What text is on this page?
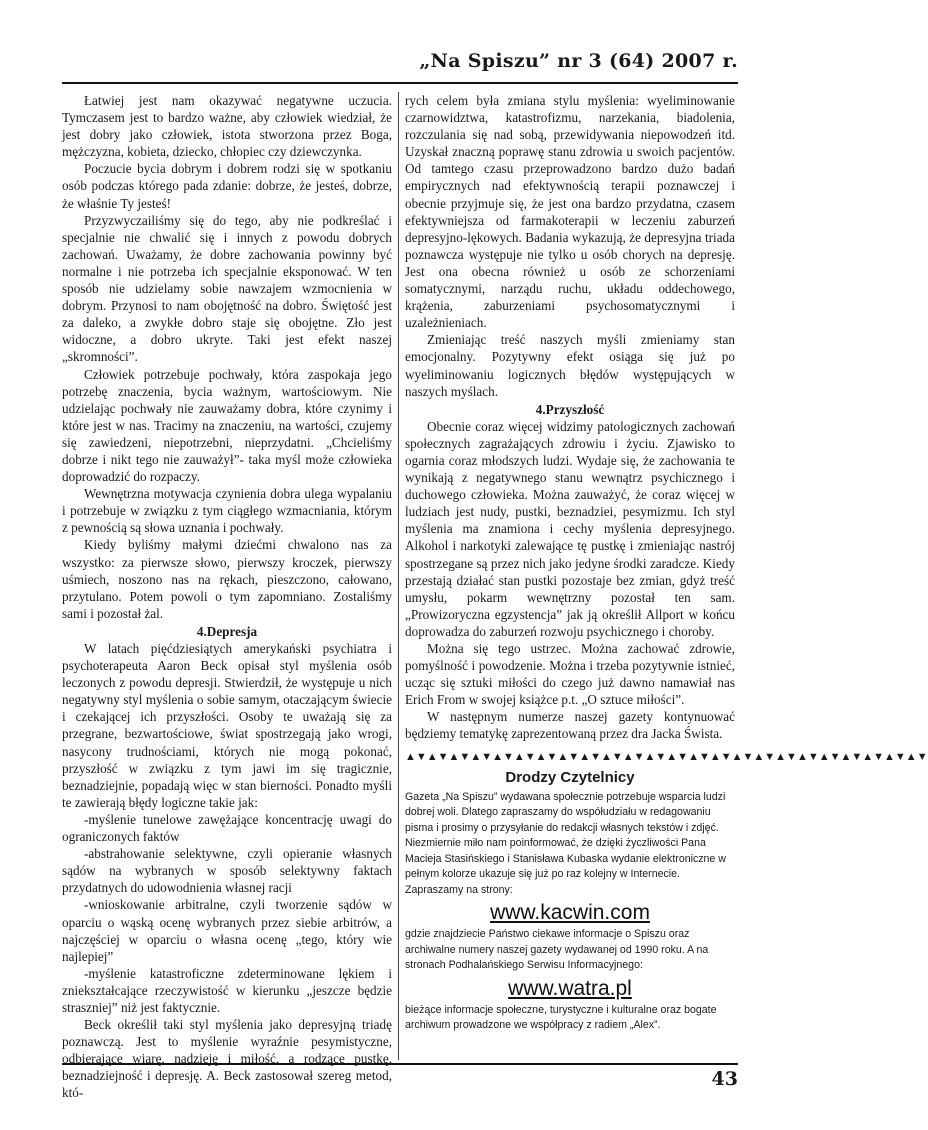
„Na Spiszu” nr 3 (64) 2007 r.

Łatwiej jest nam okazywać negatywne uczucia. Tymczasem jest to bardzo ważne, aby człowiek wiedział, że jest dobry jako człowiek, istota stworzona przez Boga, mężczyzna, kobieta, dziecko, chłopiec czy dziewczynka.

Poczucie bycia dobrym i dobrem rodzi się w spotkaniu osób podczas którego pada zdanie: dobrze, że jesteś, dobrze, że właśnie Ty jesteś!

Przyzwyczailiśmy się do tego, aby nie podkreślać i specjalnie nie chwalić się i innych z powodu dobrych zachowań. Uważamy, że dobre zachowania powinny być normalne i nie potrzeba ich specjalnie eksponować. W ten sposób nie udzielamy sobie nawzajem wzmocnienia w dobrym. Przynosi to nam obojętność na dobro. Świętość jest za daleko, a zwykłe dobro staje się obojętne. Zło jest widoczne, a dobro ukryte. Taki jest efekt naszej „skromności”.

Człowiek potrzebuje pochwały, która zaspokaja jego potrzebę znaczenia, bycia ważnym, wartościowym. Nie udzielając pochwały nie zauważamy dobra, które czynimy i które jest w nas. Tracimy na znaczeniu, na wartości, czujemy się zawiedzeni, niepotrzebni, nieprzydatni. „Chcieliśmy dobrze i nikt tego nie zauważył”- taka myśl może człowieka doprowadzić do rozpaczy.

Wewnętrzna motywacja czynienia dobra ulega wypalaniu i potrzebuje w związku z tym ciągłego wzmacniania, którym z pewnością są słowa uznania i pochwały.

Kiedy byliśmy małymi dziećmi chwalono nas za wszystko: za pierwsze słowo, pierwszy kroczek, pierwszy uśmiech, noszono nas na rękach, pieszczono, całowano, przytulano. Potem powoli o tym zapomniano. Zostaliśmy sami i pozostał żal.

4.Depresja

W latach pięćdziesiątych amerykański psychiatra i psychoterapeuta Aaron Beck opisał styl myślenia osób leczonych z powodu depresji. Stwierdził, że występuje u nich negatywny styl myślenia o sobie samym, otaczającym świecie i czekającej ich przyszłości. Osoby te uważają się za przegrane, bezwartościowe, świat spostrzegają jako wrogi, nasycony trudnościami, których nie mogą pokonać, przyszłość w związku z tym jawi im się tragicznie, beznadziejnie, popadają więc w stan bierności. Ponadto myśli te zawierają błędy logiczne takie jak:

-myślenie tunelowe zawężające koncentrację uwagi do ograniczonych faktów

-abstrahowanie selektywne, czyli opieranie własnych sądów na wybranych w sposób selektywny faktach przydatnych do udowodnienia własnej racji

-wnioskowanie arbitralne, czyli tworzenie sądów w oparciu o wąską ocenę wybranych przez siebie arbitrów, a najczęściej w oparciu o własna ocenę „tego, który wie najlepiej”

-myślenie katastroficzne zdeterminowane lękiem i zniekształcające rzeczywistość w kierunku „jeszcze będzie straszniej” niż jest faktycznie.

Beck określił taki styl myślenia jako depresyjną triadę poznawczą. Jest to myślenie wyraźnie pesymistyczne, odbierające wiarę, nadzieję i miłość, a rodzące pustkę, beznadziejność i depresję. A. Beck zastosował szereg metod, któ-

rych celem była zmiana stylu myślenia: wyeliminowanie czarnowidztwa, katastrofizmu, narzekania, biadolenia, rozczulania się nad sobą, przewidywania niepowodzeń itd. Uzyskał znaczną poprawę stanu zdrowia u swoich pacjentów. Od tamtego czasu przeprowadzono bardzo dużo badań empirycznych nad efektywnością terapii poznawczej i obecnie przyjmuje się, że jest ona bardzo przydatna, czasem efektywniejsza od farmakoterapii w leczeniu zaburzeń depresyjno-lękowych. Badania wykazują, że depresyjna triada poznawcza występuje nie tylko u osób chorych na depresję. Jest ona obecna również u osób ze schorzeniami somatycznymi, narządu ruchu, układu oddechowego, krążenia, zaburzeniami psychosomatycznymi i uzależnieniach.

Zmieniając treść naszych myśli zmieniamy stan emocjonalny. Pozytywny efekt osiąga się już po wyeliminowaniu logicznych błędów występujących w naszych myślach.

4.Przyszłość

Obecnie coraz więcej widzimy patologicznych zachowań społecznych zagrażających zdrowiu i życiu. Zjawisko to ogarnia coraz młodszych ludzi. Wydaje się, że zachowania te wynikają z negatywnego stanu wewnątrz psychicznego i duchowego człowieka. Można zauważyć, że coraz więcej w ludziach jest nudy, pustki, beznadziei, pesymizmu. Ich styl myślenia ma znamiona i cechy myślenia depresyjnego. Alkohol i narkotyki zalewające tę pustkę i zmieniając nastrój spostrzegane są przez nich jako jedyne środki zaradcze. Kiedy przestają działać stan pustki pozostaje bez zmian, gdyż treść umysłu, pokarm wewnętrzny pozostał ten sam. „Prowizoryczna egzystencja” jak ją określił Allport w końcu doprowadza do zaburzeń rozwoju psychicznego i choroby.

Można się tego ustrzec. Można zachować zdrowie, pomyślność i powodzenie. Można i trzeba pozytywnie istnieć, ucząc się sztuki miłości do czego już dawno namawiał nas Erich From w swojej książce p.t. „O sztuce miłości”.

W następnym numerze naszej gazety kontynuować będziemy tematykę zaprezentowaną przez dra Jacka Śwista.

▲▼▲▼▲▼▲▼▲▼▲▼▲▼▲▼▲▼▲▼▲▼▲▼▲▼▲▼▲▼▲▼▲▼▲▼▲▼▲▼▲▼▲▼▲▼▲▼
Drodzy Czytelnicy

Gazeta „Na Spiszu” wydawana społecznie potrzebuje wsparcia ludzi dobrej woli. Dlatego zapraszamy do współudziału w redagowaniu pisma i prosimy o przysyłanie do redakcji własnych tekstów i zdjęć.

Niezmiernie miło nam poinformować, że dzięki życzliwości Pana Macieja Stasińskiego i Stanisława Kubaska wydanie elektroniczne w pełnym kolorze ukazuje się już po raz kolejny w Internecie. Zapraszamy na strony:

www.kacwin.com

gdzie znajdziecie Państwo ciekawe informacje o Spiszu oraz archiwalne numery naszej gazety wydawanej od 1990 roku. A na stronach Podhalańskiego Serwisu Informacyjnego:

www.watra.pl

bieżące informacje społeczne, turystyczne i kulturalne oraz bogate archiwum prowadzone we współpracy z radiem „Alex”.

43
